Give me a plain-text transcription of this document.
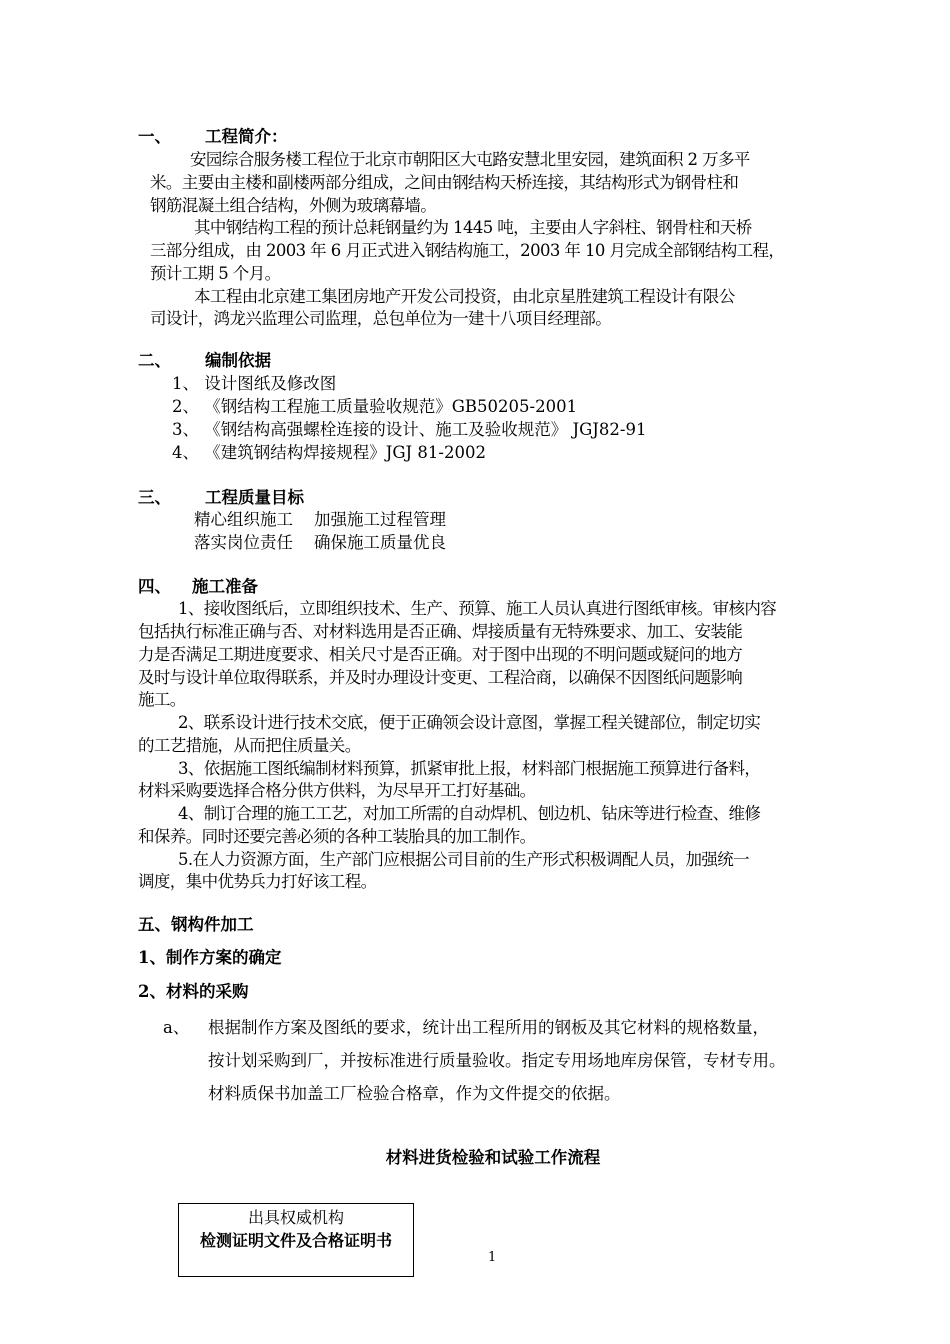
一、 工程简介：
安园综合服务楼工程位于北京市朝阳区大屯路安慧北里安园，建筑面积 2 万多平
米。主要由主楼和副楼两部分组成，之间由钢结构天桥连接，其结构形式为钢骨柱和
钢筋混凝土组合结构，外侧为玻璃幕墙。
其中钢结构工程的预计总耗钢量约为 1445 吨，主要由人字斜柱、钢骨柱和天桥
三部分组成，由 2003 年 6 月正式进入钢结构施工，2003 年 10 月完成全部钢结构工程，
预计工期 5 个月。
本工程由北京建工集团房地产开发公司投资，由北京星胜建筑工程设计有限公
司设计，鸿龙兴监理公司监理，总包单位为一建十八项目经理部。
二、 编制依据
1、 设计图纸及修改图
2、 《钢结构工程施工质量验收规范》GB50205-2001
3、 《钢结构高强螺栓连接的设计、施工及验收规范》 JGJ82-91
4、 《建筑钢结构焊接规程》JGJ 81-2002
三、 工程质量目标
精心组织施工    加强施工过程管理
落实岗位责任    确保施工质量优良
四、 施工准备
1、接收图纸后，立即组织技术、生产、预算、施工人员认真进行图纸审核。审核内容
包括执行标准正确与否、对材料选用是否正确、焊接质量有无特殊要求、加工、安装能
力是否满足工期进度要求、相关尺寸是否正确。对于图中出现的不明问题或疑问的地方
及时与设计单位取得联系，并及时办理设计变更、工程洽商，以确保不因图纸问题影响
施工。
2、联系设计进行技术交底，便于正确领会设计意图，掌握工程关键部位，制定切实
的工艺措施，从而把住质量关。
3、依据施工图纸编制材料预算，抓紧审批上报，材料部门根据施工预算进行备料，
材料采购要选择合格分供方供料，为尽早开工打好基础。
4、制订合理的施工工艺，对加工所需的自动焊机、刨边机、钻床等进行检查、维修
和保养。同时还要完善必须的各种工装胎具的加工制作。
5.在人力资源方面，生产部门应根据公司目前的生产形式积极调配人员，加强统一
调度，集中优势兵力打好该工程。
五、钢构件加工
1、制作方案的确定
2、材料的采购
a、 根据制作方案及图纸的要求，统计出工程所用的钢板及其它材料的规格数量，
按计划采购到厂，并按标准进行质量验收。指定专用场地库房保管，专材专用。
材料质保书加盖工厂检验合格章，作为文件提交的依据。
材料进货检验和试验工作流程
出具权威机构
检测证明文件及合格证明书
1
